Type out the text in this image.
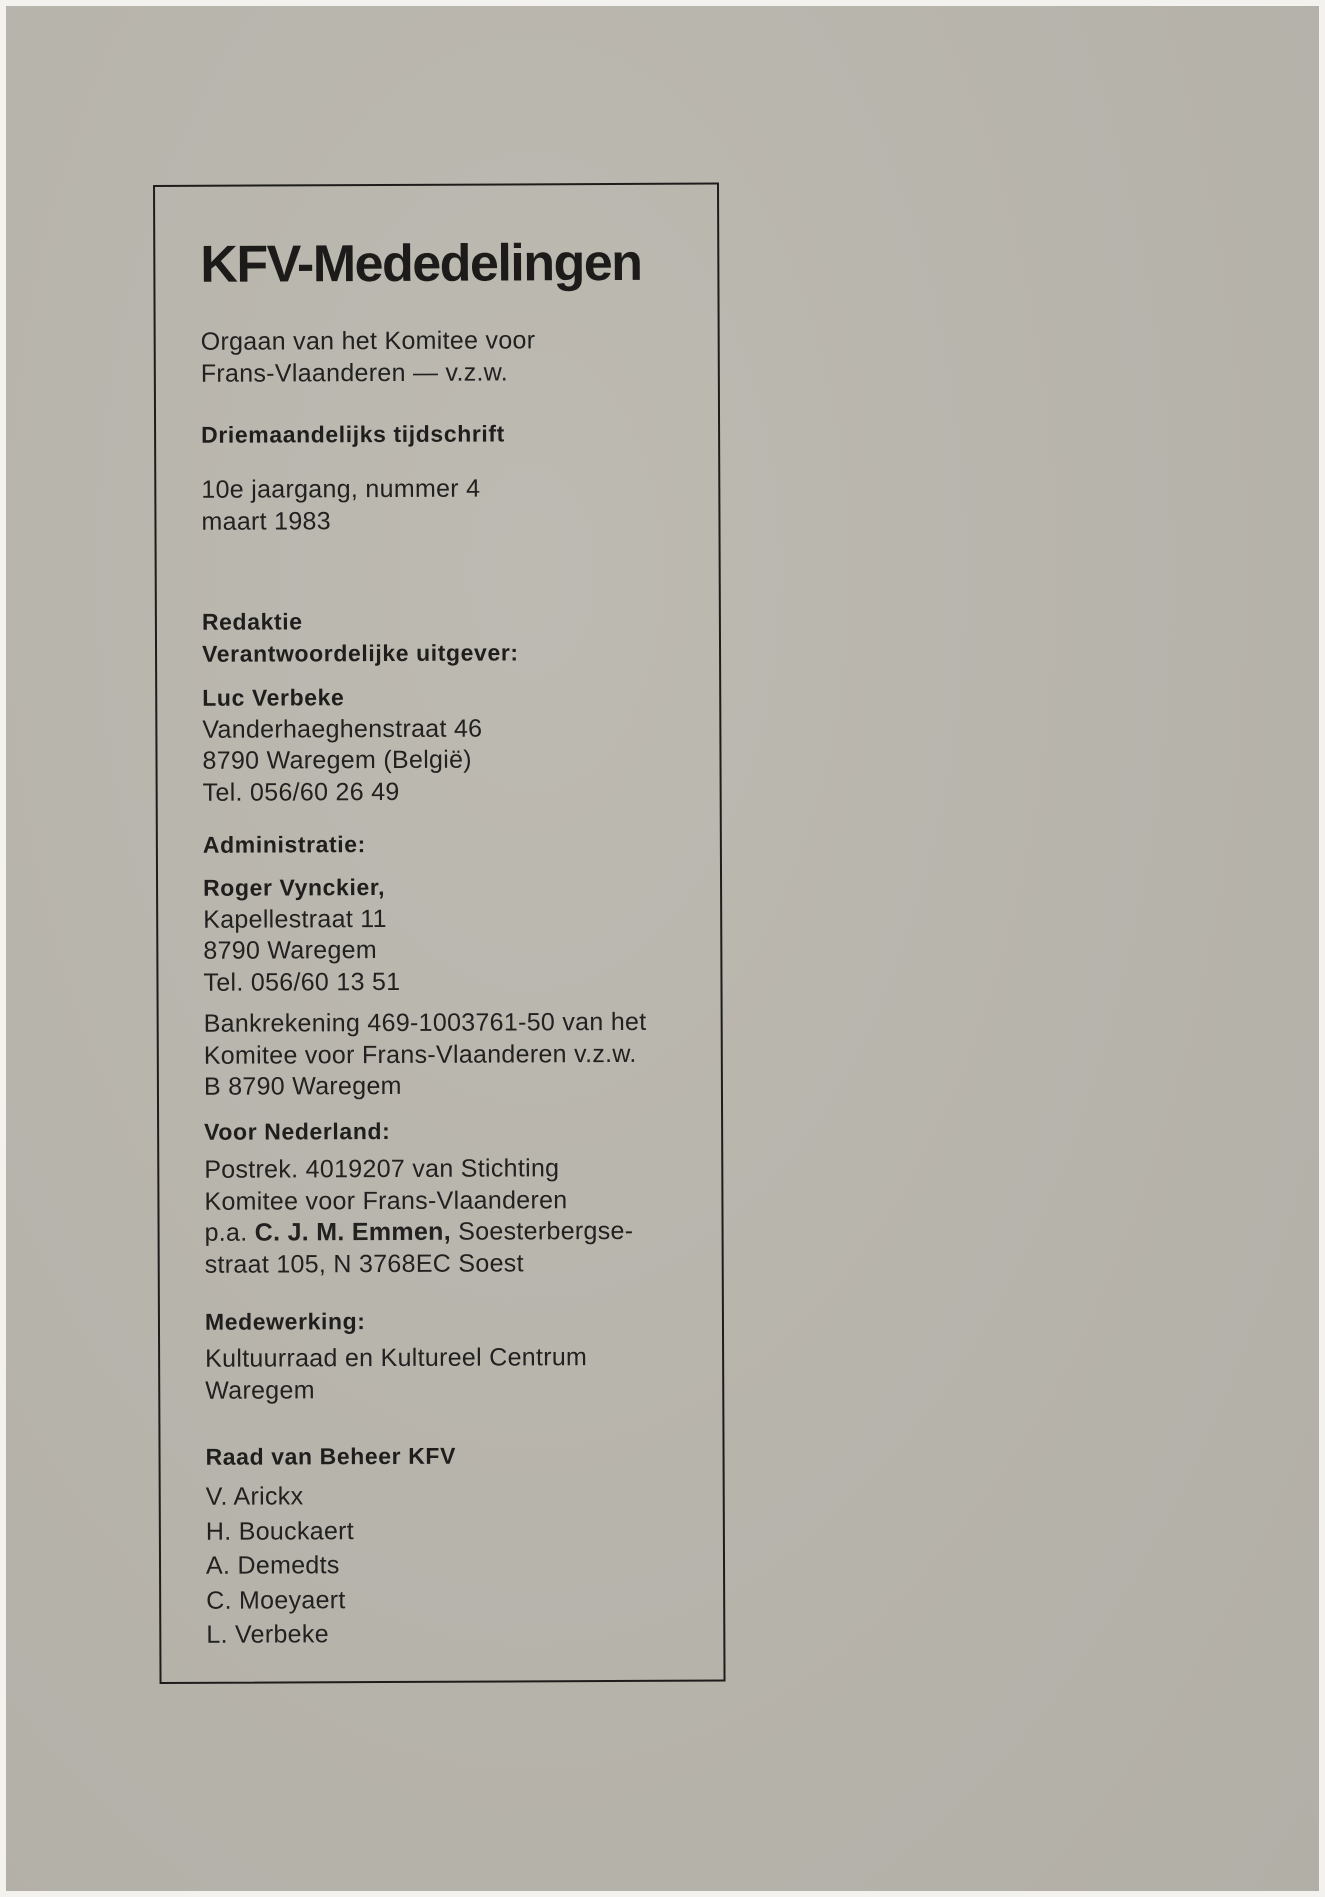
KFV-Mededelingen
Orgaan van het Komitee voor
Frans-Vlaanderen — v.z.w.
Driemaandelijks tijdschrift
10e jaargang, nummer 4
maart 1983
Redaktie
Verantwoordelijke uitgever:
Luc Verbeke
Vanderhaeghenstraat 46
8790 Waregem (België)
Tel. 056/60 26 49
Administratie:
Roger Vynckier,
Kapellestraat 11
8790 Waregem
Tel. 056/60 13 51
Bankrekening 469-1003761-50 van het
Komitee voor Frans-Vlaanderen v.z.w.
B 8790 Waregem
Voor Nederland:
Postrek. 4019207 van Stichting
Komitee voor Frans-Vlaanderen
p.a. C. J. M. Emmen, Soesterbergse-
straat 105, N 3768EC Soest
Medewerking:
Kultuurraad en Kultureel Centrum
Waregem
Raad van Beheer KFV
V. Arickx
H. Bouckaert
A. Demedts
C. Moeyaert
L. Verbeke
